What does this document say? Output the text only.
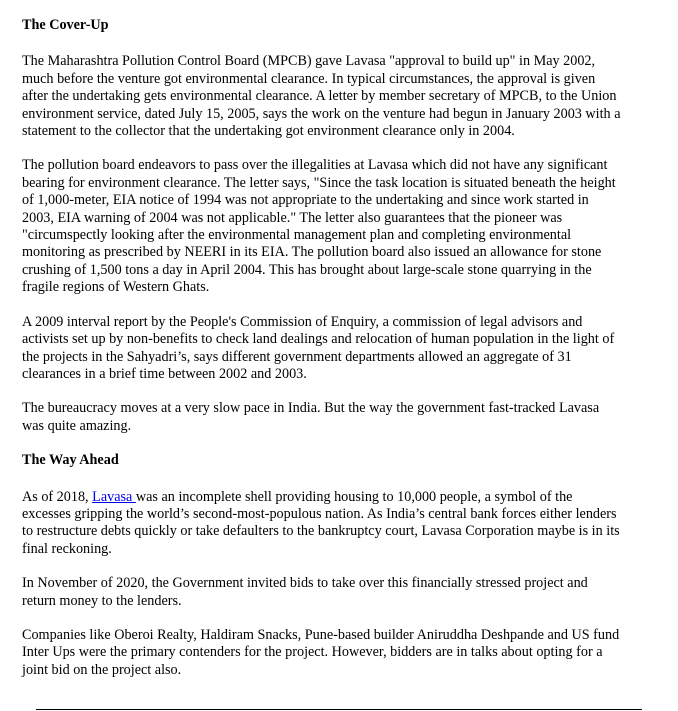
The Cover-Up

The Maharashtra Pollution Control Board (MPCB) gave Lavasa "approval to build up" in May 2002, much before the venture got environmental clearance. In typical circumstances, the approval is given after the undertaking gets environmental clearance. A letter by member secretary of MPCB, to the Union environment service, dated July 15, 2005, says the work on the venture had begun in January 2003 with a statement to the collector that the undertaking got environment clearance only in 2004.

The pollution board endeavors to pass over the illegalities at Lavasa which did not have any significant bearing for environment clearance. The letter says, "Since the task location is situated beneath the height of 1,000-meter, EIA notice of 1994 was not appropriate to the undertaking and since work started in 2003, EIA warning of 2004 was not applicable." The letter also guarantees that the pioneer was "circumspectly looking after the environmental management plan and completing environmental monitoring as prescribed by NEERI in its EIA. The pollution board also issued an allowance for stone crushing of 1,500 tons a day in April 2004. This has brought about large-scale stone quarrying in the fragile regions of Western Ghats.

A 2009 interval report by the People's Commission of Enquiry, a commission of legal advisors and activists set up by non-benefits to check land dealings and relocation of human population in the light of the projects in the Sahyadri’s, says different government departments allowed an aggregate of 31 clearances in a brief time between 2002 and 2003.

The bureaucracy moves at a very slow pace in India. But the way the government fast-tracked Lavasa was quite amazing.

The Way Ahead

As of 2018, Lavasa was an incomplete shell providing housing to 10,000 people, a symbol of the excesses gripping the world’s second-most-populous nation. As India’s central bank forces either lenders to restructure debts quickly or take defaulters to the bankruptcy court, Lavasa Corporation maybe is in its final reckoning.

In November of 2020, the Government invited bids to take over this financially stressed project and return money to the lenders.

Companies like Oberoi Realty, Haldiram Snacks, Pune-based builder Aniruddha Deshpande and US fund Inter Ups were the primary contenders for the project. However, bidders are in talks about opting for a joint bid on the project also.
